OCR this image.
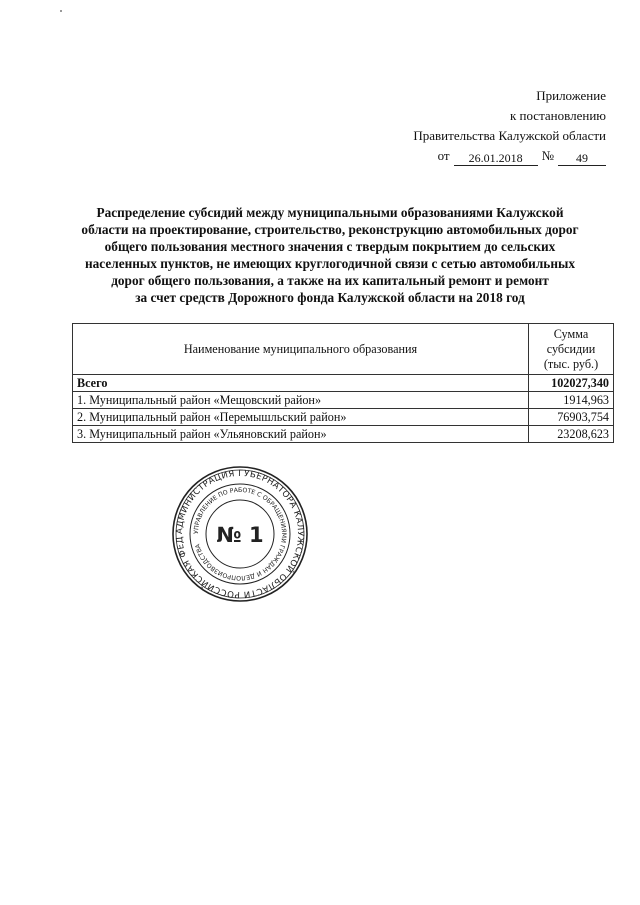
Приложение
к постановлению
Правительства Калужской области
от	26.01.2018	№	49
Распределение субсидий между муниципальными образованиями Калужской
области на проектирование, строительство, реконструкцию автомобильных дорог
общего пользования местного значения с твердым покрытием до сельских
населенных пунктов, не имеющих круглогодичной связи с сетью автомобильных
дорог общего пользования, а также на их капитальный ремонт и ремонт
за счет средств Дорожного фонда Калужской области на 2018 год
Наименование муниципального образования	Сумма
субсидии
(тыс. руб.)

Всего	102027,340
1. Муниципальный район «Мещовский район»	1914,963
2. Муниципальный район «Перемышльский район»	76903,754
3. Муниципальный район «Ульяновский район»	23208,623
АДМИНИСТРАЦИЯ ГУБЕРНАТОРА КАЛУЖСКОЙ ОБЛАСТИ РОССИЙСКАЯ ФЕД
УПРАВЛЕНИЕ ПО РАБОТЕ С ОБРАЩЕНИЯМИ ГРАЖДАН И ДЕЛОПРОИЗВОДСТВА № 1
